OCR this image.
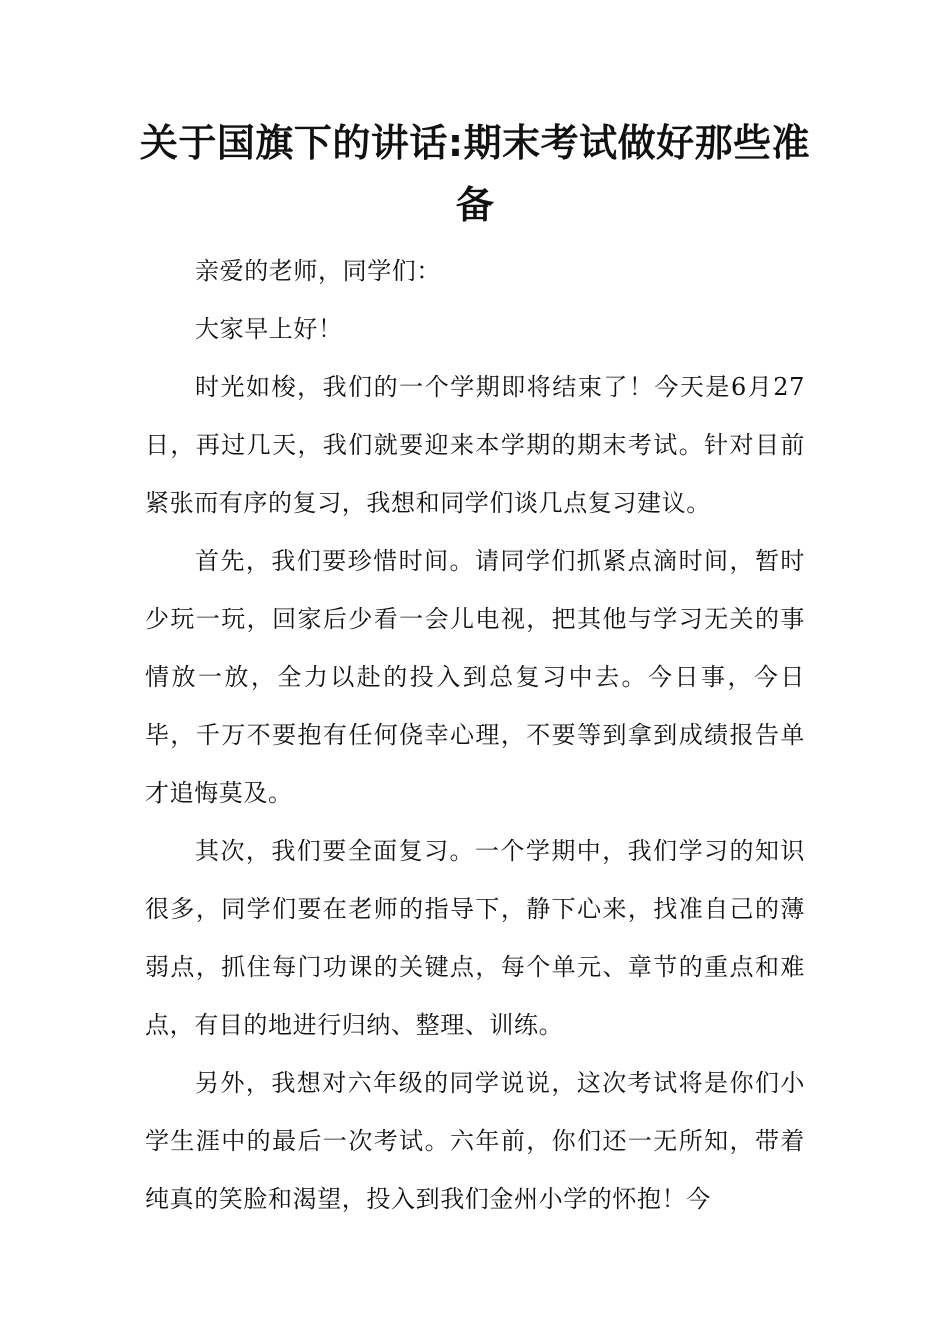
关于国旗下的讲话:期末考试做好那些准备

亲爱的老师，同学们：

大家早上好！

时光如梭，我们的一个学期即将结束了！今天是6月27日，再过几天，我们就要迎来本学期的期末考试。针对目前紧张而有序的复习，我想和同学们谈几点复习建议。

首先，我们要珍惜时间。请同学们抓紧点滴时间，暂时少玩一玩，回家后少看一会儿电视，把其他与学习无关的事情放一放，全力以赴的投入到总复习中去。今日事，今日毕，千万不要抱有任何侥幸心理，不要等到拿到成绩报告单才追悔莫及。

其次，我们要全面复习。一个学期中，我们学习的知识很多，同学们要在老师的指导下，静下心来，找准自己的薄弱点，抓住每门功课的关键点，每个单元、章节的重点和难点，有目的地进行归纳、整理、训练。

另外，我想对六年级的同学说说，这次考试将是你们小学生涯中的最后一次考试。六年前，你们还一无所知，带着纯真的笑脸和渴望，投入到我们金州小学的怀抱！今
